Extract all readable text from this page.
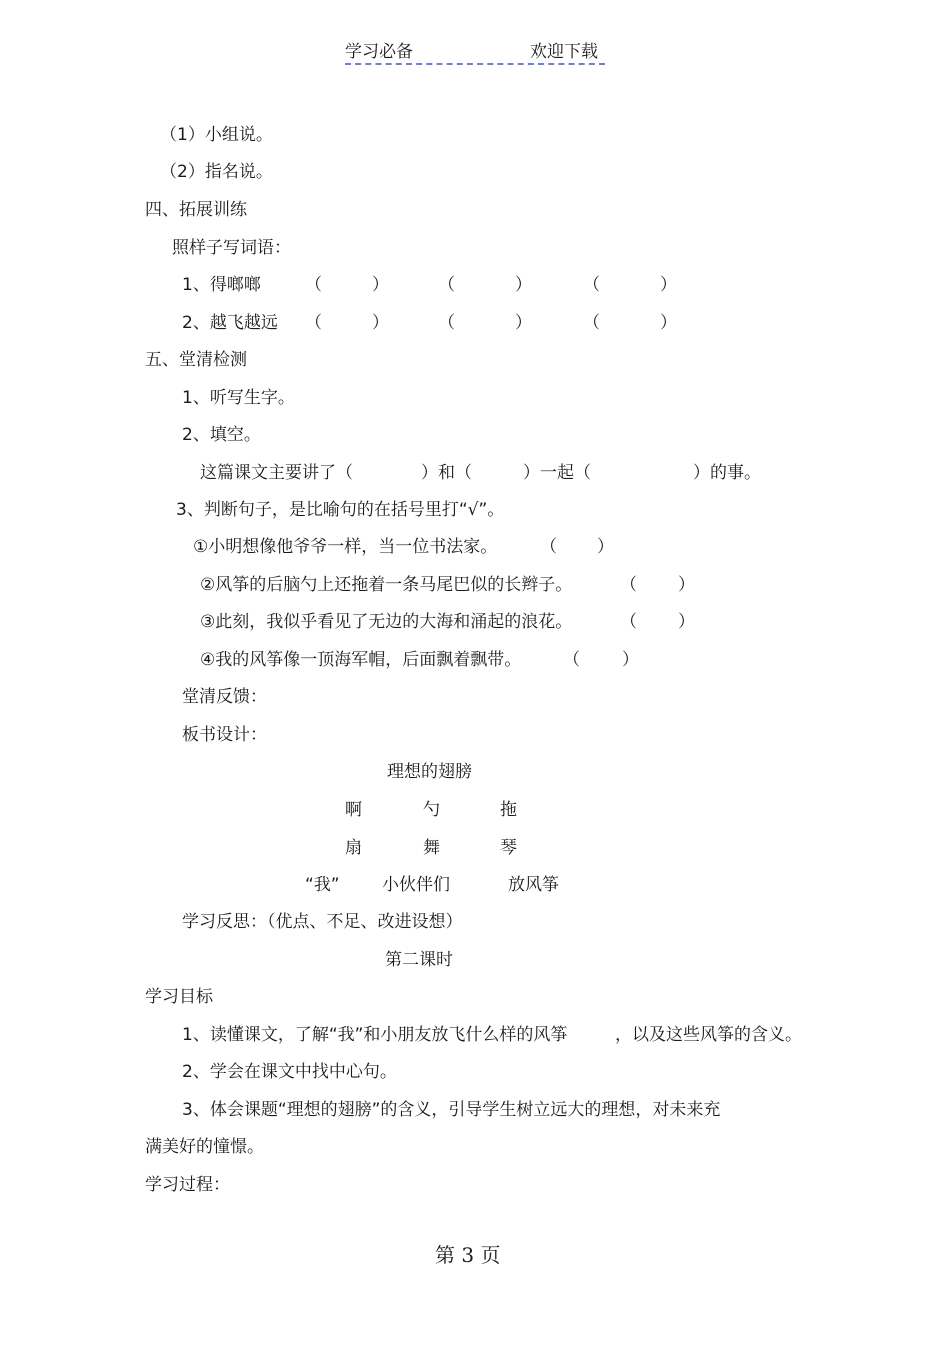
学习必备	欢迎下载
（1）小组说。
（2）指名说。
四、拓展训练
照样子写词语：
1、得啷啷	（	）	（	）	（	）
2、越飞越远 （	）	（	）	（	）
五、堂清检测
1、听写生字。
2、填空。
这篇课文主要讲了（　　　　）和（　　　）一起（　　　　　　）的事。
3、判断句子，是比喻句的在括号里打“√”。
①小明想像他爷爷一样，当一位书法家。	（ ）
②风筝的后脑勺上还拖着一条马尾巴似的长辫子。	（ ）
③此刻，我似乎看见了无边的大海和涌起的浪花。	（ ）
④我的风筝像一顶海军帽，后面飘着飘带。 （ ）
堂清反馈：
板书设计：
理想的翅膀
啊	勺	拖
扇	舞	琴
“我” 小伙伴们	放风筝
学习反思：（优点、不足、改进设想）
第二课时
学习目标
1、读懂课文，了解“我”和小朋友放飞什么样的风筝	，以及这些风筝的含义。
2、学会在课文中找中心句。
3、体会课题“理想的翅膀”的含义，引导学生树立远大的理想，对未来充
满美好的憧憬。
学习过程：
第 3 页
